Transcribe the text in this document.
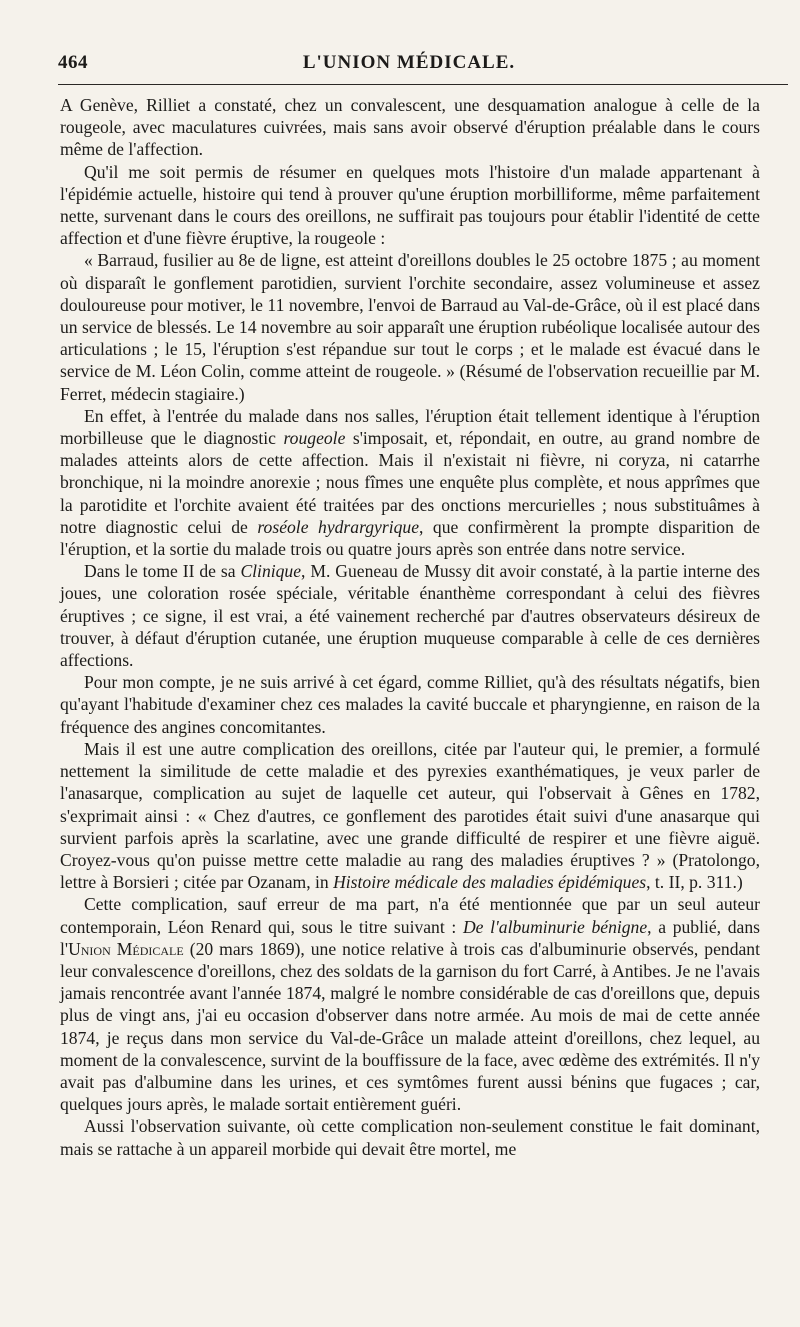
464	L'UNION MÉDICALE.

A Genève, Rilliet a constaté, chez un convalescent, une desquamation analogue à celle de la rougeole, avec maculatures cuivrées, mais sans avoir observé d'éruption préalable dans le cours même de l'affection.

Qu'il me soit permis de résumer en quelques mots l'histoire d'un malade appartenant à l'épidémie actuelle, histoire qui tend à prouver qu'une éruption morbilliforme, même parfaitement nette, survenant dans le cours des oreillons, ne suffirait pas toujours pour établir l'identité de cette affection et d'une fièvre éruptive, la rougeole :

« Barraud, fusilier au 8e de ligne, est atteint d'oreillons doubles le 25 octobre 1875 ; au moment où disparaît le gonflement parotidien, survient l'orchite secondaire, assez volumineuse et assez douloureuse pour motiver, le 11 novembre, l'envoi de Barraud au Val-de-Grâce, où il est placé dans un service de blessés. Le 14 novembre au soir apparaît une éruption rubéolique localisée autour des articulations ; le 15, l'éruption s'est répandue sur tout le corps ; et le malade est évacué dans le service de M. Léon Colin, comme atteint de rougeole. » (Résumé de l'observation recueillie par M. Ferret, médecin stagiaire.)

En effet, à l'entrée du malade dans nos salles, l'éruption était tellement identique à l'éruption morbilleuse que le diagnostic rougeole s'imposait, et, répondait, en outre, au grand nombre de malades atteints alors de cette affection. Mais il n'existait ni fièvre, ni coryza, ni catarrhe bronchique, ni la moindre anorexie ; nous fîmes une enquête plus complète, et nous apprîmes que la parotidite et l'orchite avaient été traitées par des onctions mercurielles ; nous substituâmes à notre diagnostic celui de roséole hydrargyrique, que confirmèrent la prompte disparition de l'éruption, et la sortie du malade trois ou quatre jours après son entrée dans notre service.

Dans le tome II de sa Clinique, M. Gueneau de Mussy dit avoir constaté, à la partie interne des joues, une coloration rosée spéciale, véritable énanthème correspondant à celui des fièvres éruptives ; ce signe, il est vrai, a été vainement recherché par d'autres observateurs désireux de trouver, à défaut d'éruption cutanée, une éruption muqueuse comparable à celle de ces dernières affections.

Pour mon compte, je ne suis arrivé à cet égard, comme Rilliet, qu'à des résultats négatifs, bien qu'ayant l'habitude d'examiner chez ces malades la cavité buccale et pharyngienne, en raison de la fréquence des angines concomitantes.

Mais il est une autre complication des oreillons, citée par l'auteur qui, le premier, a formulé nettement la similitude de cette maladie et des pyrexies exanthématiques, je veux parler de l'anasarque, complication au sujet de laquelle cet auteur, qui l'observait à Gênes en 1782, s'exprimait ainsi : « Chez d'autres, ce gonflement des parotides était suivi d'une anasarque qui survient parfois après la scarlatine, avec une grande difficulté de respirer et une fièvre aiguë. Croyez-vous qu'on puisse mettre cette maladie au rang des maladies éruptives ? » (Pratolongo, lettre à Borsieri ; citée par Ozanam, in Histoire médicale des maladies épidémiques, t. II, p. 311.)

Cette complication, sauf erreur de ma part, n'a été mentionnée que par un seul auteur contemporain, Léon Renard qui, sous le titre suivant : De l'albuminurie bénigne, a publié, dans l'Union Médicale (20 mars 1869), une notice relative à trois cas d'albuminurie observés, pendant leur convalescence d'oreillons, chez des soldats de la garnison du fort Carré, à Antibes. Je ne l'avais jamais rencontrée avant l'année 1874, malgré le nombre considérable de cas d'oreillons que, depuis plus de vingt ans, j'ai eu occasion d'observer dans notre armée. Au mois de mai de cette année 1874, je reçus dans mon service du Val-de-Grâce un malade atteint d'oreillons, chez lequel, au moment de la convalescence, survint de la bouffissure de la face, avec œdème des extrémités. Il n'y avait pas d'albumine dans les urines, et ces symtômes furent aussi bénins que fugaces ; car, quelques jours après, le malade sortait entièrement guéri.

Aussi l'observation suivante, où cette complication non-seulement constitue le fait dominant, mais se rattache à un appareil morbide qui devait être mortel, me
